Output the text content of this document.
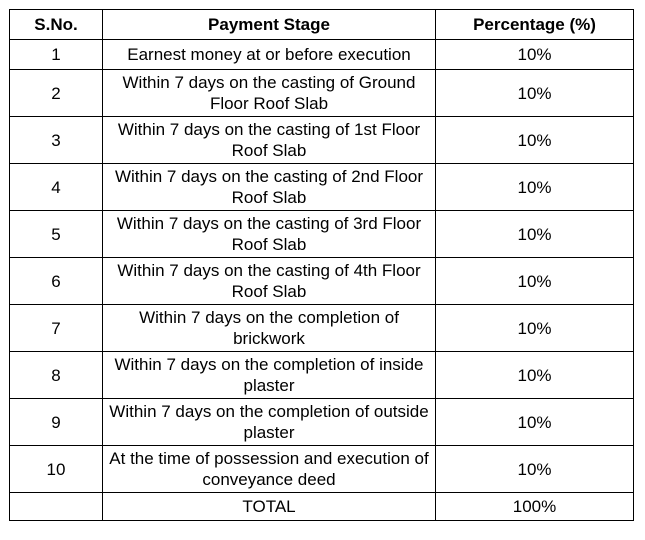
S.No.	Payment Stage	Percentage (%)
1	Earnest money at or before execution	10%
2	Within 7 days on the casting of Ground Floor Roof Slab	10%
3	Within 7 days on the casting of 1st Floor Roof Slab	10%
4	Within 7 days on the casting of 2nd Floor Roof Slab	10%
5	Within 7 days on the casting of 3rd Floor Roof Slab	10%
6	Within 7 days on the casting of 4th Floor Roof Slab	10%
7	Within 7 days on the completion of brickwork	10%
8	Within 7 days on the completion of inside plaster	10%
9	Within 7 days on the completion of outside plaster	10%
10	At the time of possession and execution of conveyance deed	10%
	TOTAL	100%
